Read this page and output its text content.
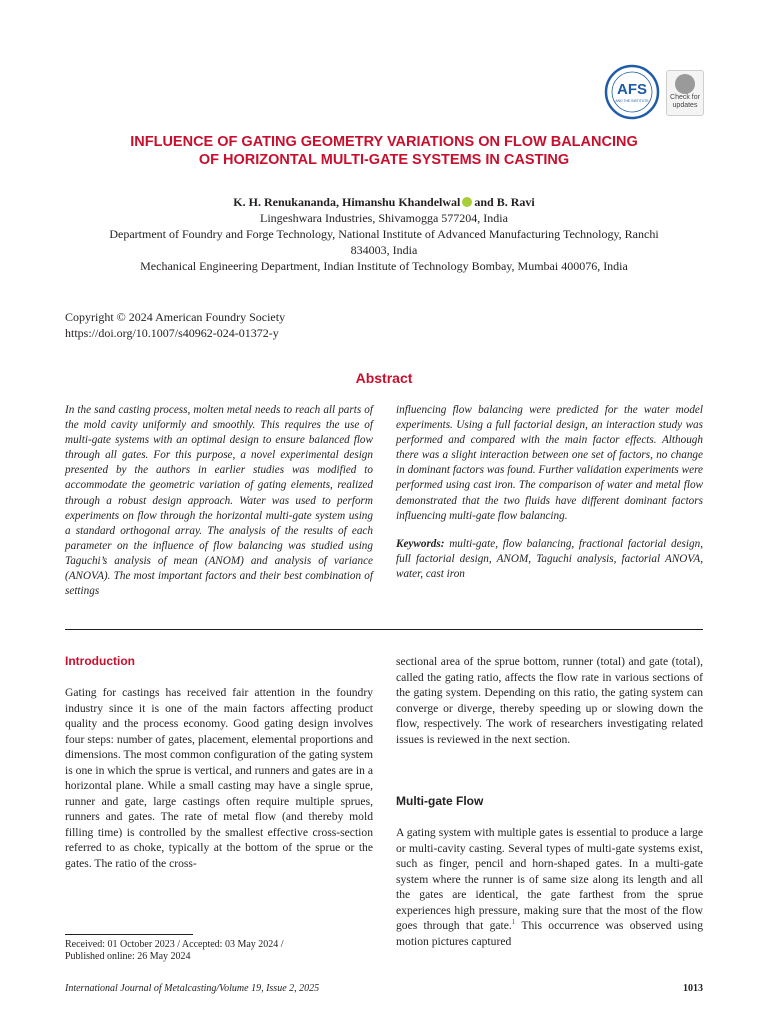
AFS
AND THE INSTITUTE	Check for
updates
INFLUENCE OF GATING GEOMETRY VARIATIONS ON FLOW BALANCING
OF HORIZONTAL MULTI-GATE SYSTEMS IN CASTING
K. H. Renukananda, Himanshu Khandelwal and B. Ravi
Lingeshwara Industries, Shivamogga 577204, India
Department of Foundry and Forge Technology, National Institute of Advanced Manufacturing Technology, Ranchi
834003, India
Mechanical Engineering Department, Indian Institute of Technology Bombay, Mumbai 400076, India
Copyright © 2024 American Foundry Society
https://doi.org/10.1007/s40962-024-01372-y
Abstract
In the sand casting process, molten metal needs to reach all parts of the mold cavity uniformly and smoothly. This requires the use of multi-gate systems with an optimal design to ensure balanced flow through all gates. For this purpose, a novel experimental design presented by the authors in earlier studies was modified to accommodate the geometric variation of gating elements, realized through a robust design approach. Water was used to perform experiments on flow through the horizontal multi-gate system using a standard orthogonal array. The analysis of the results of each parameter on the influence of flow balancing was studied using Taguchi’s analysis of mean (ANOM) and analysis of variance (ANOVA). The most important factors and their best combination of settings
influencing flow balancing were predicted for the water model experiments. Using a full factorial design, an interaction study was performed and compared with the main factor effects. Although there was a slight interaction between one set of factors, no change in dominant factors was found. Further validation experiments were performed using cast iron. The comparison of water and metal flow demonstrated that the two fluids have different dominant factors influencing multi-gate flow balancing.
Keywords: multi-gate, flow balancing, fractional factorial design, full factorial design, ANOM, Taguchi analysis, factorial ANOVA, water, cast iron
Introduction
Gating for castings has received fair attention in the foundry industry since it is one of the main factors affecting product quality and the process economy. Good gating design involves four steps: number of gates, placement, elemental proportions and dimensions. The most common configuration of the gating system is one in which the sprue is vertical, and runners and gates are in a horizontal plane. While a small casting may have a single sprue, runner and gate, large castings often require multiple sprues, runners and gates. The rate of metal flow (and thereby mold filling time) is controlled by the smallest effective cross-section referred to as choke, typically at the bottom of the sprue or the gates. The ratio of the cross-
sectional area of the sprue bottom, runner (total) and gate (total), called the gating ratio, affects the flow rate in various sections of the gating system. Depending on this ratio, the gating system can converge or diverge, thereby speeding up or slowing down the flow, respectively. The work of researchers investigating related issues is reviewed in the next section.
Multi-gate Flow
A gating system with multiple gates is essential to produce a large or multi-cavity casting. Several types of multi-gate systems exist, such as finger, pencil and horn-shaped gates. In a multi-gate system where the runner is of same size along its length and all the gates are identical, the gate farthest from the sprue experiences high pressure, making sure that the most of the flow goes through that gate.$^1$ This occurrence was observed using motion pictures captured
Received: 01 October 2023 / Accepted: 03 May 2024 /
Published online: 26 May 2024
International Journal of Metalcasting/Volume 19, Issue 2, 2025	1013
